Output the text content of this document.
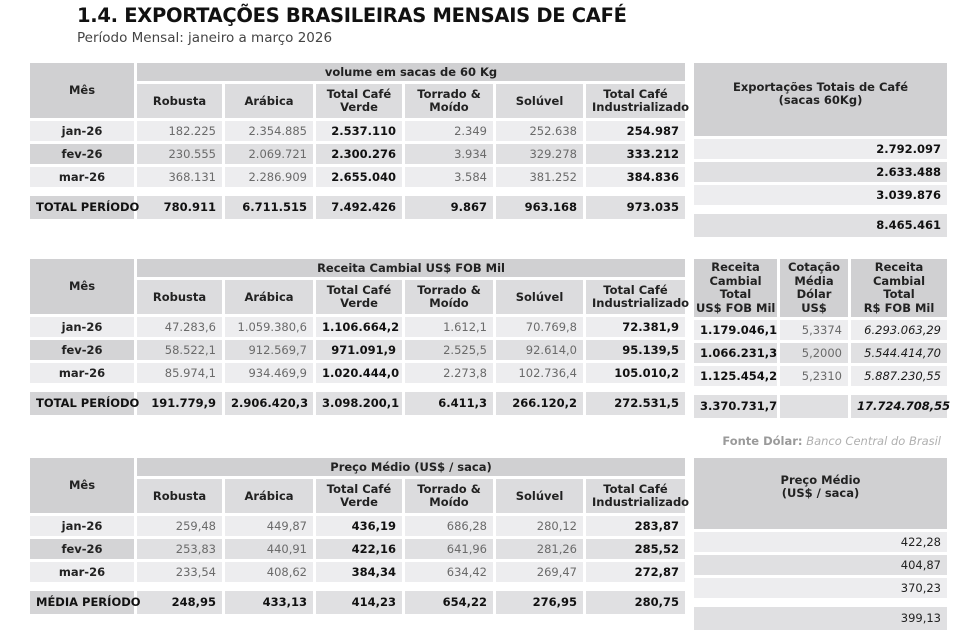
1.4. EXPORTAÇÕES BRASILEIRAS MENSAIS DE CAFÉ
Período Mensal: janeiro a março 2026
Mês	volume em sacas de 60 Kg					
	Robusta	Arábica	Total Café
Verde	Torrado &
Moído	Solúvel	Total Café
Industrializado
jan-26	182.225	2.354.885	2.537.110	2.349	252.638	254.987
fev-26	230.555	2.069.721	2.300.276	3.934	329.278	333.212
mar-26	368.131	2.286.909	2.655.040	3.584	381.252	384.836

TOTAL PERÍODO	780.911	6.711.515	7.492.426	9.867	963.168	973.035
Exportações Totais de Café
(sacas 60Kg)

2.792.097
2.633.488
3.039.876

8.465.461
Mês	Receita Cambial US$ FOB Mil					
	Robusta	Arábica	Total Café
Verde	Torrado &
Moído	Solúvel	Total Café
Industrializado
jan-26	47.283,6	1.059.380,6	1.106.664,2	1.612,1	70.769,8	72.381,9
fev-26	58.522,1	912.569,7	971.091,9	2.525,5	92.614,0	95.139,5
mar-26	85.974,1	934.469,9	1.020.444,0	2.273,8	102.736,4	105.010,2

TOTAL PERÍODO	191.779,9	2.906.420,3	3.098.200,1	6.411,3	266.120,2	272.531,5
Receita
Cambial
Total
US$ FOB Mil	Cotação
Média
Dólar
US$	Receita
Cambial
Total
R$ FOB Mil
1.179.046,1	5,3374	6.293.063,29
1.066.231,3	5,2000	5.544.414,70
1.125.454,2	5,2310	5.887.230,55

3.370.731,7		17.724.708,55
Fonte Dólar: Banco Central do Brasil
Mês	Preço Médio (US$ / saca)					
	Robusta	Arábica	Total Café
Verde	Torrado &
Moído	Solúvel	Total Café
Industrializado
jan-26	259,48	449,87	436,19	686,28	280,12	283,87
fev-26	253,83	440,91	422,16	641,96	281,26	285,52
mar-26	233,54	408,62	384,34	634,42	269,47	272,87

MÉDIA PERÍODO	248,95	433,13	414,23	654,22	276,95	280,75
Preço Médio
(US$ / saca)

422,28
404,87
370,23

399,13
